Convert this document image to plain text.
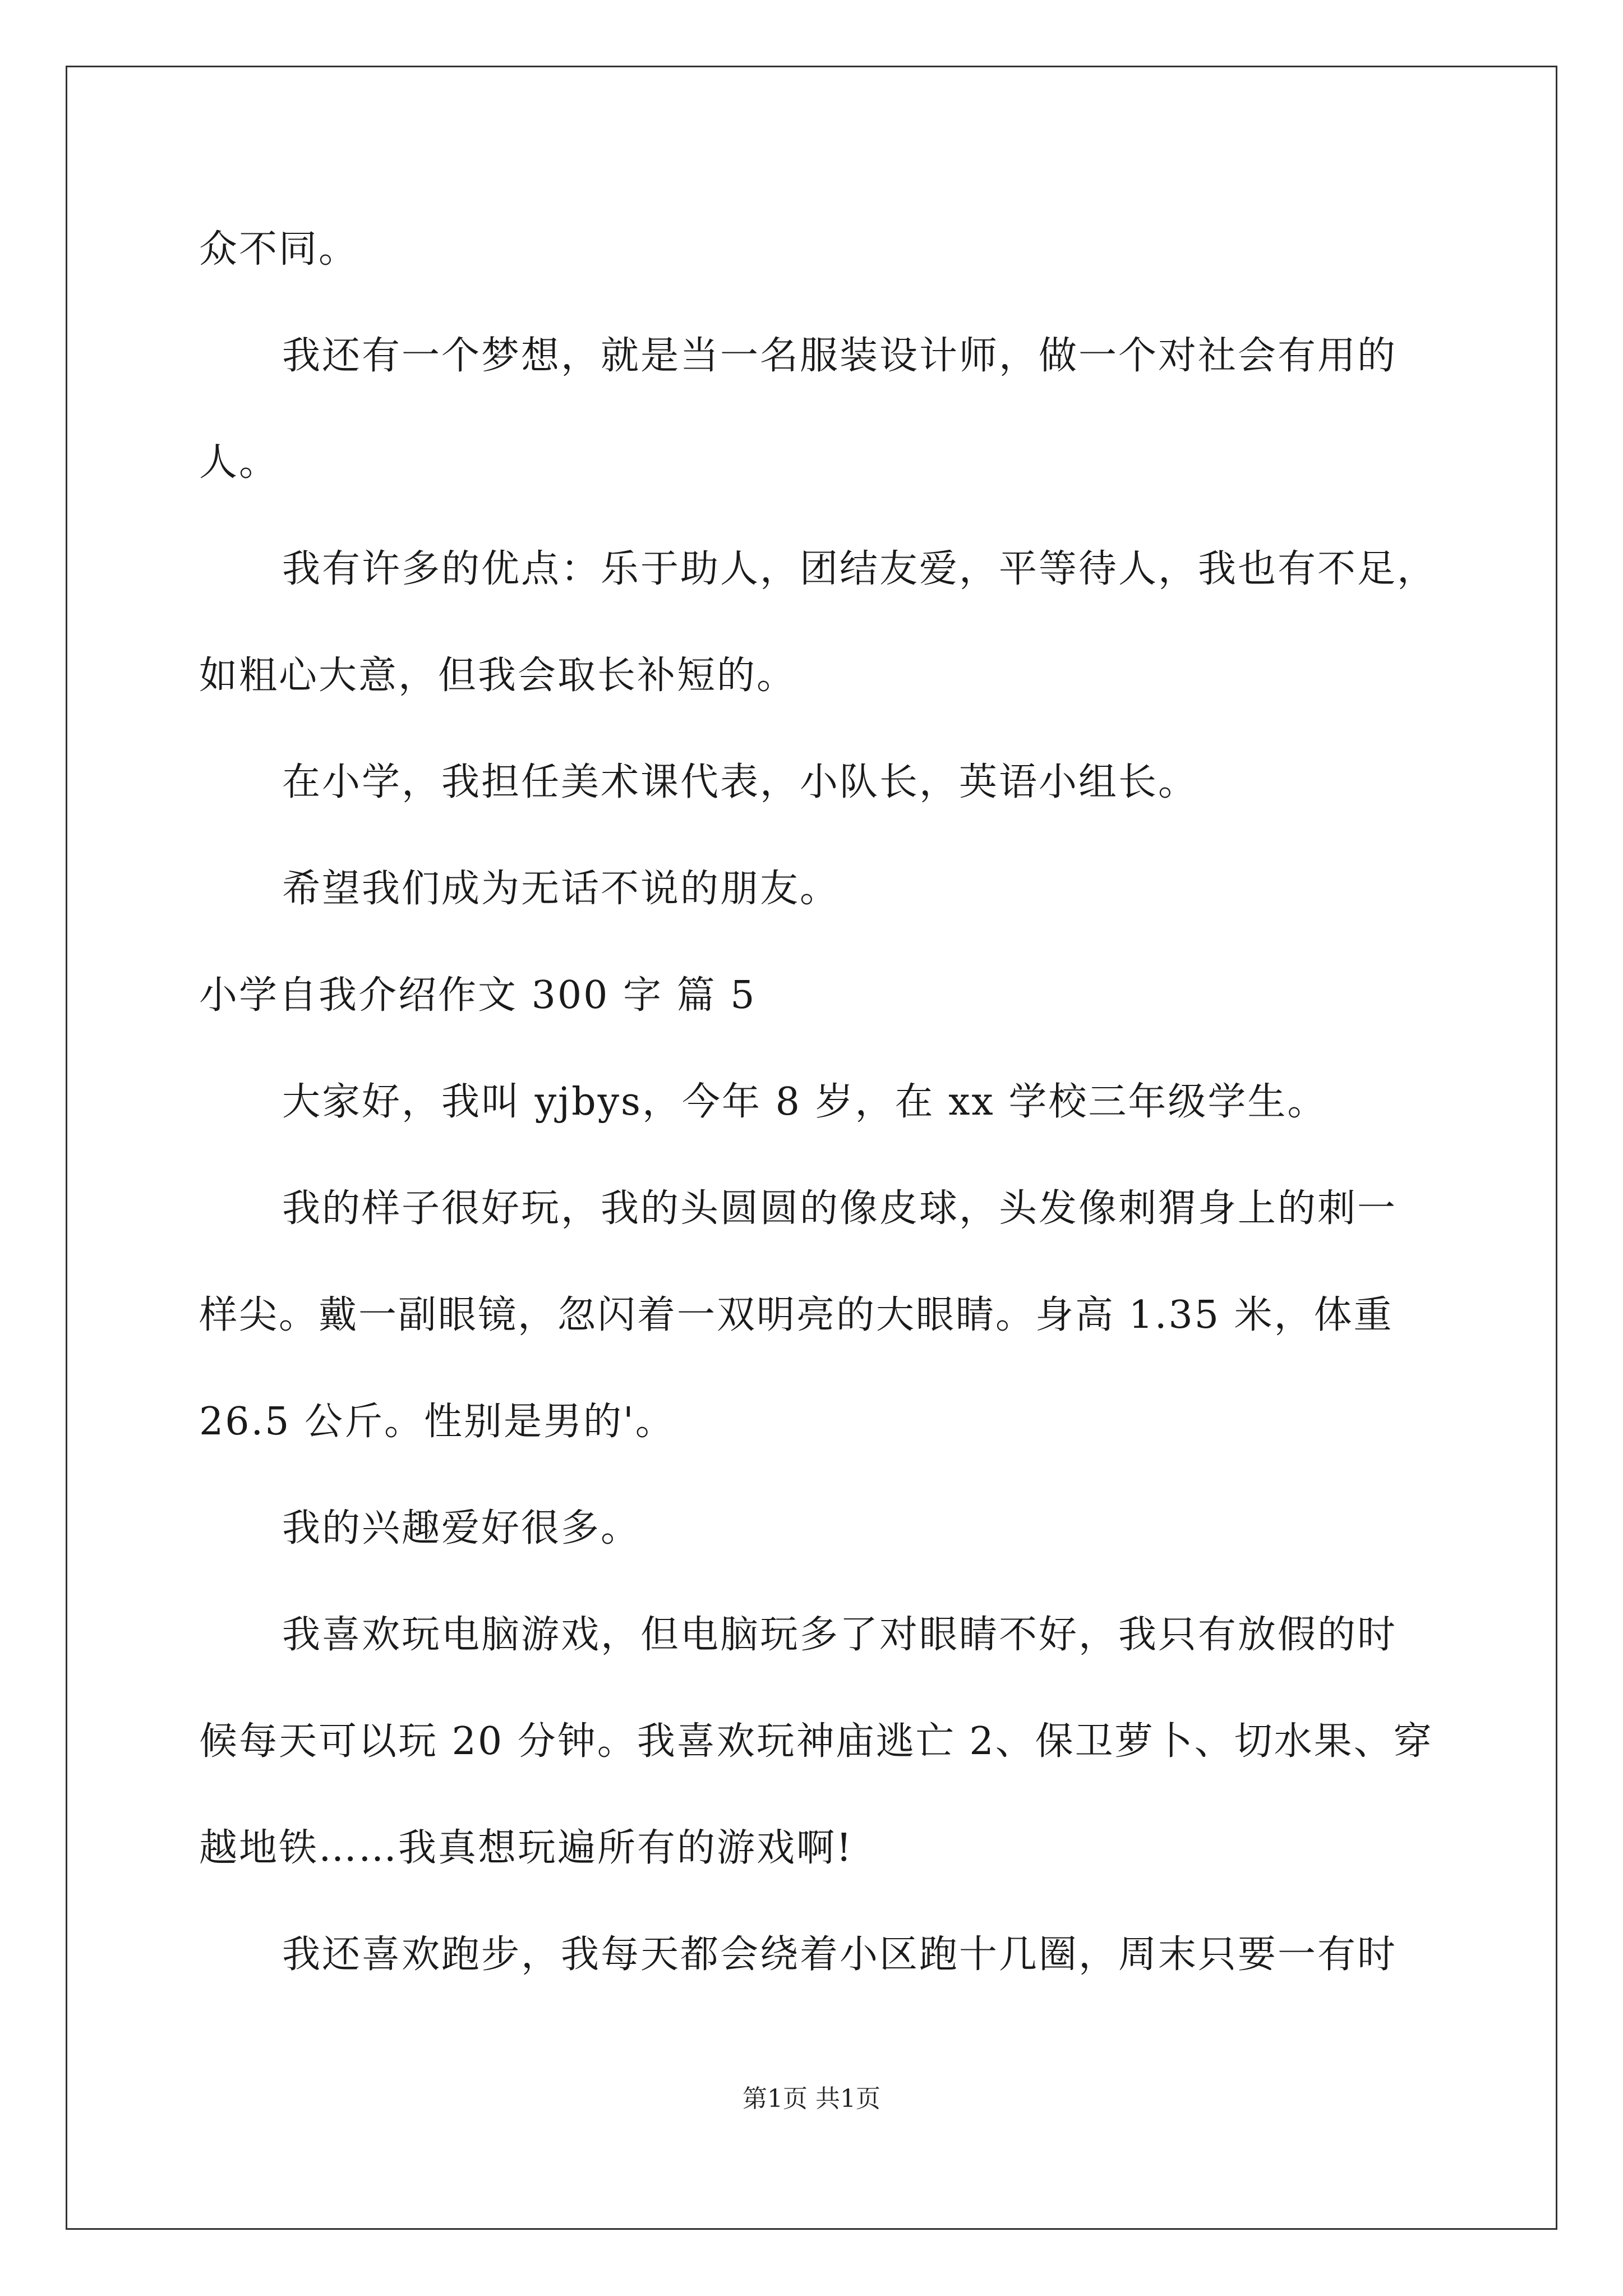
众不同。
我还有一个梦想，就是当一名服装设计师，做一个对社会有用的
人。
我有许多的优点：乐于助人，团结友爱，平等待人，我也有不足，
如粗心大意，但我会取长补短的。
在小学，我担任美术课代表，小队长，英语小组长。
希望我们成为无话不说的朋友。
小学自我介绍作文 300 字 篇 5
大家好，我叫 yjbys，今年 8 岁，在 xx 学校三年级学生。
我的样子很好玩，我的头圆圆的像皮球，头发像刺猬身上的刺一
样尖。戴一副眼镜，忽闪着一双明亮的大眼睛。身高 1.35 米，体重
26.5 公斤。性别是男的'。
我的兴趣爱好很多。
我喜欢玩电脑游戏，但电脑玩多了对眼睛不好，我只有放假的时
候每天可以玩 20 分钟。我喜欢玩神庙逃亡 2、保卫萝卜、切水果、穿
越地铁……我真想玩遍所有的游戏啊!
我还喜欢跑步，我每天都会绕着小区跑十几圈，周末只要一有时
第1页 共1页
